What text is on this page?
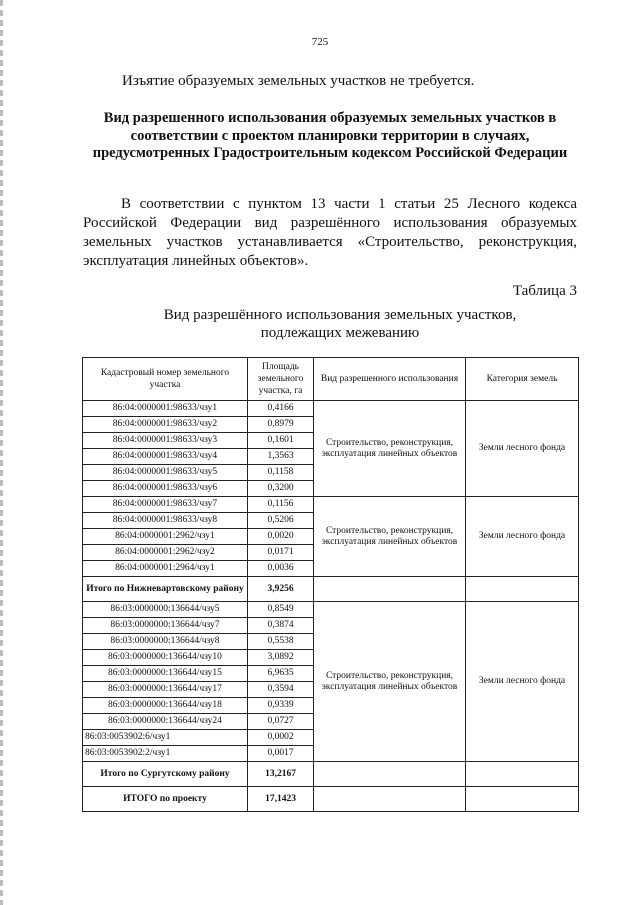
725
Изъятие образуемых земельных участков не требуется.
Вид разрешенного использования образуемых земельных участков в соответствии с проектом планировки территории в случаях, предусмотренных Градостроительным кодексом Российской Федерации
В соответствии с пунктом 13 части 1 статьи 25 Лесного кодекса Российской Федерации вид разрешённого использования образуемых земельных участков устанавливается «Строительство, реконструкция, эксплуатация линейных объектов».
Таблица 3
Вид разрешённого использования земельных участков, подлежащих межеванию
Кадастровый номер земельного участка	Площадь земельного участка, га	Вид разрешенного использования	Категория земель
86:04:0000001:98633/чзу1	0,4166	Строительство, реконструкция, эксплуатация линейных объектов	Земли лесного фонда
86:04:0000001:98633/чзу2	0,8979		
86:04:0000001:98633/чзу3	0,1601		
86:04:0000001:98633/чзу4	1,3563		
86:04:0000001:98633/чзу5	0,1158		
86:04:0000001:98633/чзу6	0,3200		
86:04:0000001:98633/чзу7	0,1156	Строительство, реконструкция, эксплуатация линейных объектов	Земли лесного фонда
86:04:0000001:98633/чзу8	0,5206		
86:04:0000001:2962/чзу1	0,0020		
86:04:0000001:2962/чзу2	0,0171		
86:04:0000001:2964/чзу1	0,0036		
Итого по Нижневартовскому району	3,9256		
86:03:0000000:136644/чзу5	0,8549	Строительство, реконструкция, эксплуатация линейных объектов	Земли лесного фонда
86:03:0000000:136644/чзу7	0,3874		
86:03:0000000:136644/чзу8	0,5538		
86:03:0000000:136644/чзу10	3,0892		
86:03:0000000:136644/чзу15	6,9635		
86:03:0000000:136644/чзу17	0,3594		
86:03:0000000:136644/чзу18	0,9339		
86:03:0000000:136644/чзу24	0,0727		
86:03:0053902:6/чзу1	0,0002		
86:03:0053902:2/чзу1	0,0017		
Итого по Сургутскому району	13,2167		
ИТОГО по проекту	17,1423		
